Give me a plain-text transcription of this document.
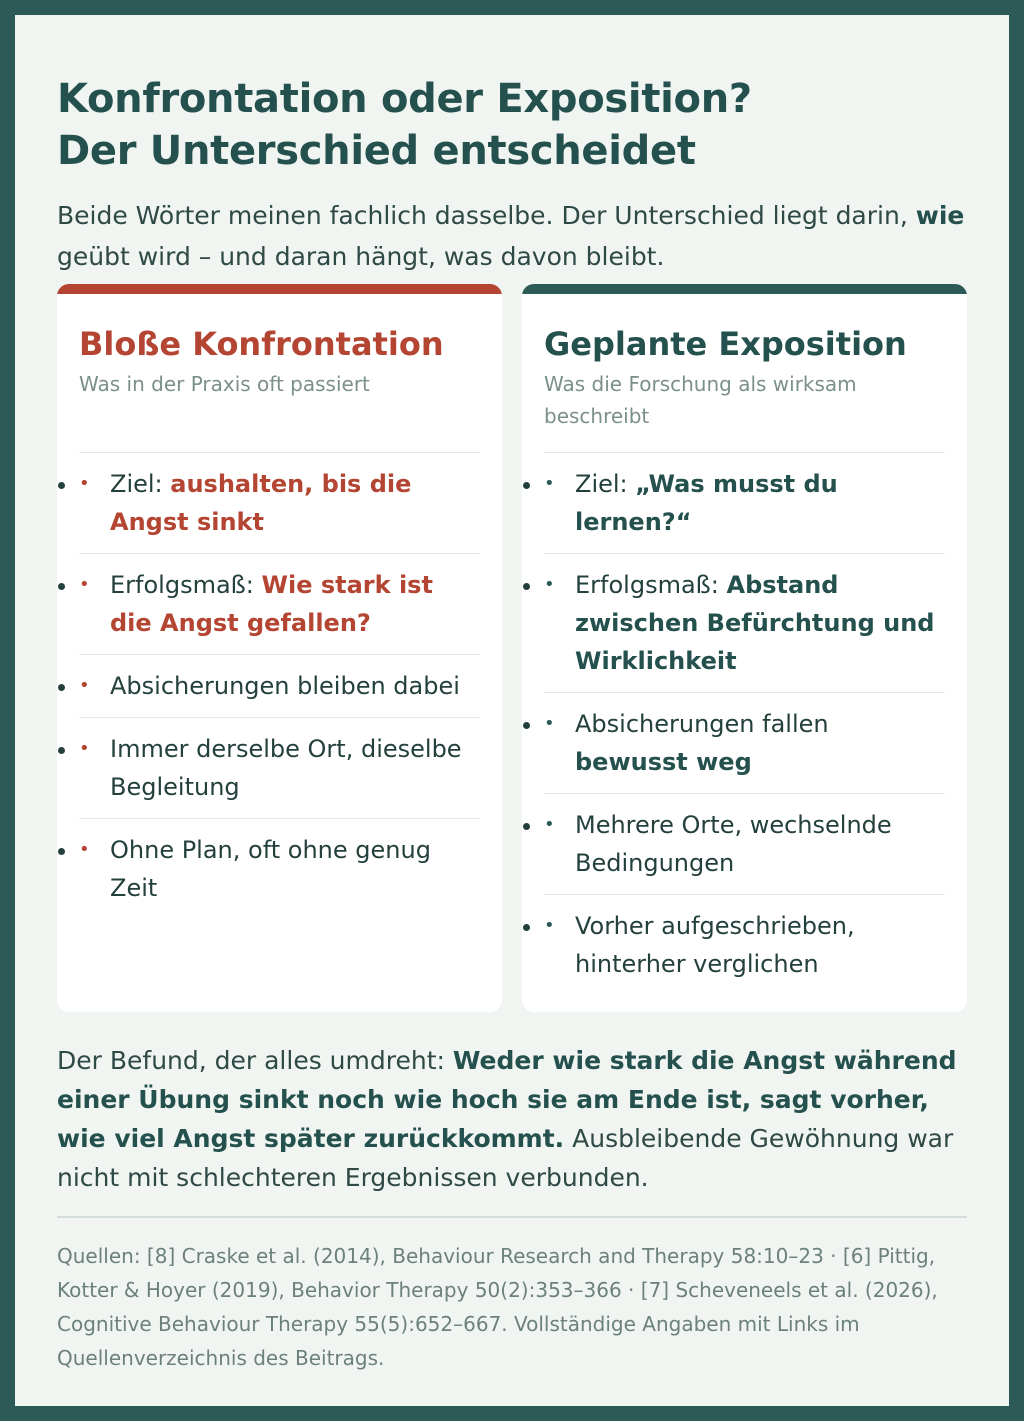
Konfrontation oder Exposition?
Der Unterschied entscheidet

Beide Wörter meinen fachlich dasselbe. Der Unterschied liegt darin, wie geübt wird – und daran hängt, was davon bleibt.

Bloße Konfrontation

Was in der Praxis oft passiert

• • Ziel: aushalten, bis die Angst sinkt
• • Erfolgsmaß: Wie stark ist die Angst gefallen?
• • Absicherungen bleiben dabei
• • Immer derselbe Ort, dieselbe Begleitung
• • Ohne Plan, oft ohne genug Zeit
Geplante Exposition

Was die Forschung als wirksam beschreibt

• • Ziel: „Was musst du lernen?“
• • Erfolgsmaß: Abstand zwischen Befürchtung und Wirklichkeit
• • Absicherungen fallen bewusst weg
• • Mehrere Orte, wechselnde Bedingungen
• • Vorher aufgeschrieben, hinterher verglichen

Der Befund, der alles umdreht: Weder wie stark die Angst während einer Übung sinkt noch wie hoch sie am Ende ist, sagt vorher, wie viel Angst später zurückkommt. Ausbleibende Gewöhnung war nicht mit schlechteren Ergebnissen verbunden.

Quellen: [8] Craske et al. (2014), Behaviour Research and Therapy 58:10–23 · [6] Pittig, Kotter & Hoyer (2019), Behavior Therapy 50(2):353–366 · [7] Scheveneels et al. (2026), Cognitive Behaviour Therapy 55(5):652–667. Vollständige Angaben mit Links im Quellenverzeichnis des Beitrags.
